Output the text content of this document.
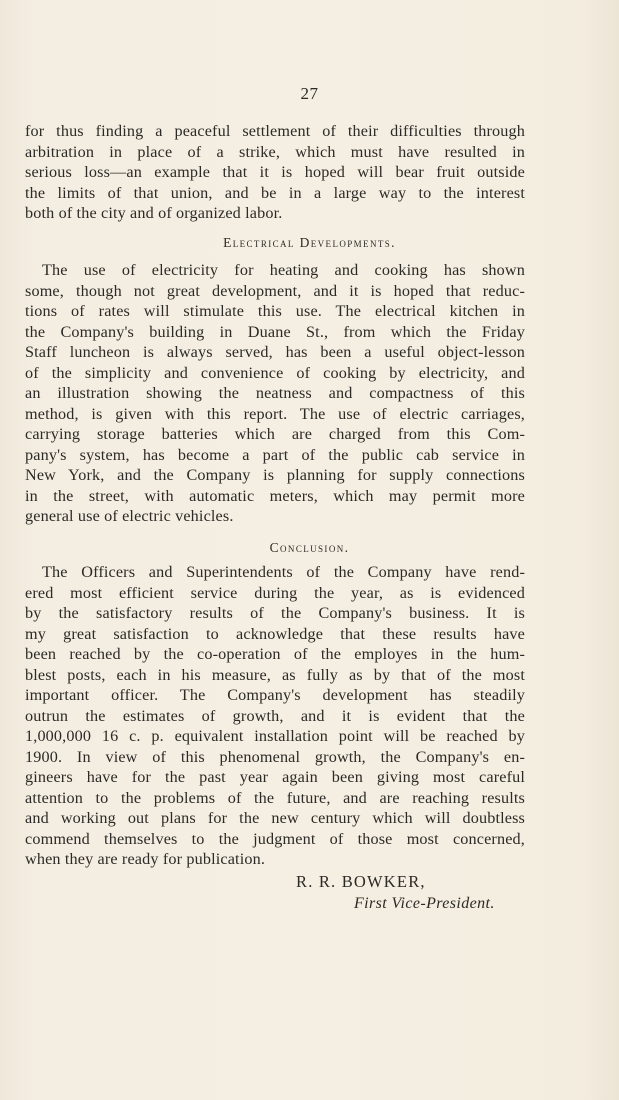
27
for thus finding a peaceful settlement of their difficulties through
arbitration in place of a strike, which must have resulted in
serious loss—an example that it is hoped will bear fruit outside
the limits of that union, and be in a large way to the interest
both of the city and of organized labor.
Electrical Developments.
The use of electricity for heating and cooking has shown
some, though not great development, and it is hoped that reduc-
tions of rates will stimulate this use. The electrical kitchen in
the Company's building in Duane St., from which the Friday
Staff luncheon is always served, has been a useful object-lesson
of the simplicity and convenience of cooking by electricity, and
an illustration showing the neatness and compactness of this
method, is given with this report. The use of electric carriages,
carrying storage batteries which are charged from this Com-
pany's system, has become a part of the public cab service in
New York, and the Company is planning for supply connections
in the street, with automatic meters, which may permit more
general use of electric vehicles.
Conclusion.
The Officers and Superintendents of the Company have rend-
ered most efficient service during the year, as is evidenced
by the satisfactory results of the Company's business. It is
my great satisfaction to acknowledge that these results have
been reached by the co-operation of the employes in the hum-
blest posts, each in his measure, as fully as by that of the most
important officer. The Company's development has steadily
outrun the estimates of growth, and it is evident that the
1,000,000 16 c. p. equivalent installation point will be reached by
1900. In view of this phenomenal growth, the Company's en-
gineers have for the past year again been giving most careful
attention to the problems of the future, and are reaching results
and working out plans for the new century which will doubtless
commend themselves to the judgment of those most concerned,
when they are ready for publication.
R. R. BOWKER,
First Vice-President.
